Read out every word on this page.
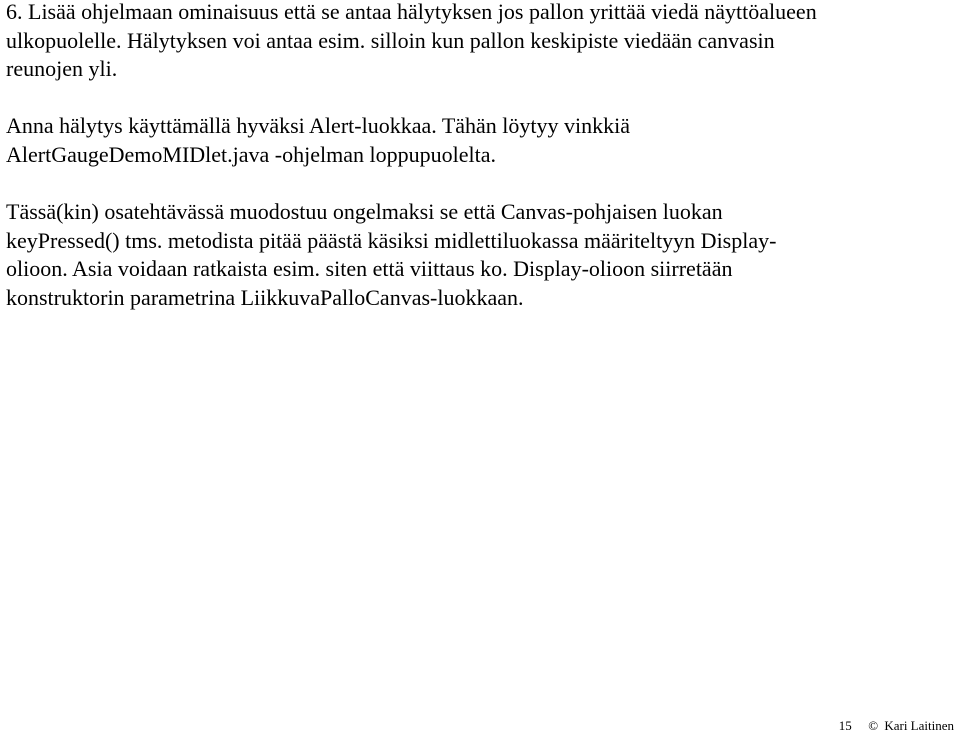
6. Lisää ohjelmaan ominaisuus että se antaa hälytyksen jos pallon yrittää viedä näyttöalueen
ulkopuolelle. Hälytyksen voi antaa esim. silloin kun pallon keskipiste viedään canvasin
reunojen yli.

Anna hälytys käyttämällä hyväksi Alert-luokkaa. Tähän löytyy vinkkiä
AlertGaugeDemoMIDlet.java -ohjelman loppupuolelta.

Tässä(kin) osatehtävässä muodostuu ongelmaksi se että Canvas-pohjaisen luokan
keyPressed() tms. metodista pitää päästä käsiksi midlettiluokassa määriteltyyn Display-
olioon. Asia voidaan ratkaista esim. siten että viittaus ko. Display-olioon siirretään
konstruktorin parametrina LiikkuvaPalloCanvas-luokkaan.

15 © Kari Laitinen
